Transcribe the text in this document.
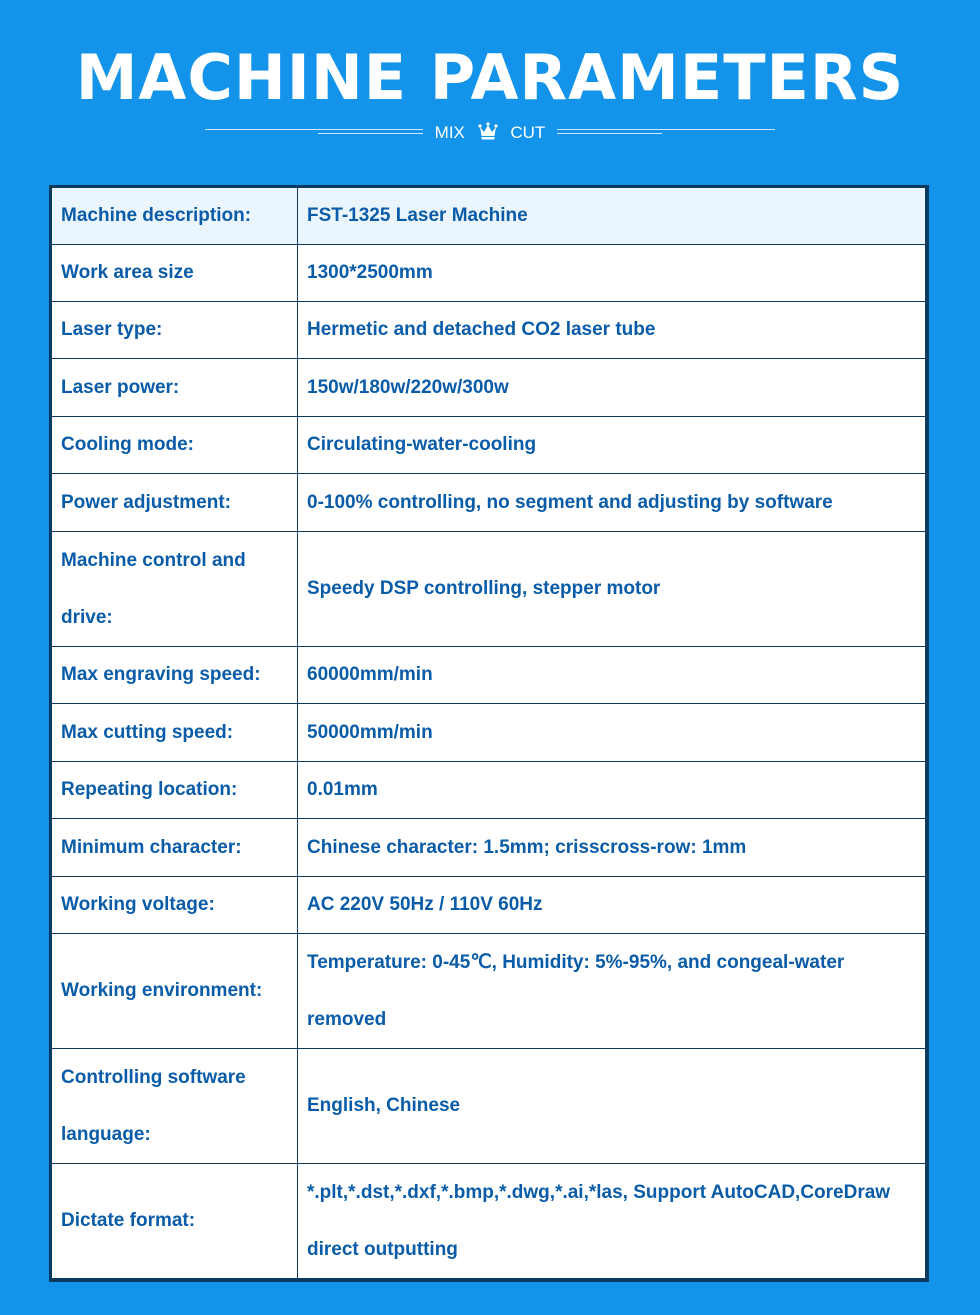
MACHINE PARAMETERS
MIX	CUT
Machine description:	FST-1325 Laser Machine
Work area size	1300*2500mm
Laser type:	Hermetic and detached CO2 laser tube
Laser power:	150w/180w/220w/300w
Cooling mode:	Circulating-water-cooling
Power adjustment:	0-100% controlling, no segment and adjusting by software
Machine control and drive:	Speedy DSP controlling, stepper motor
Max engraving speed:	60000mm/min
Max cutting speed:	50000mm/min
Repeating location:	0.01mm
Minimum character:	Chinese character: 1.5mm; crisscross-row: 1mm
Working voltage:	AC 220V 50Hz / 110V 60Hz
Working environment:	Temperature: 0-45℃, Humidity: 5%-95%, and congeal-water removed
Controlling software language:	English, Chinese
Dictate format:	*.plt,*.dst,*.dxf,*.bmp,*.dwg,*.ai,*las, Support AutoCAD,CoreDraw direct outputting
